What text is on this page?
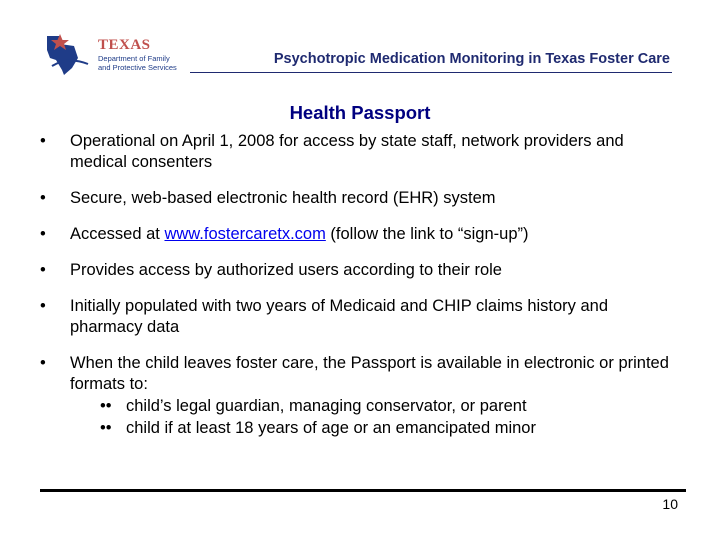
TEXAS
Department of Family
and Protective Services
Psychotropic Medication Monitoring in Texas Foster Care
Health Passport
• Operational on April 1, 2008 for access by state staff, network providers and medical consenters
• Secure, web-based electronic health record (EHR) system
• Accessed at www.fostercaretx.com (follow the link to “sign-up”)
• Provides access by authorized users according to their role
• Initially populated with two years of Medicaid and CHIP claims history and pharmacy data
• When the child leaves foster care, the Passport is available in electronic or printed formats to:
•• child’s legal guardian, managing conservator, or parent
•• child if at least 18 years of age or an emancipated minor
10
